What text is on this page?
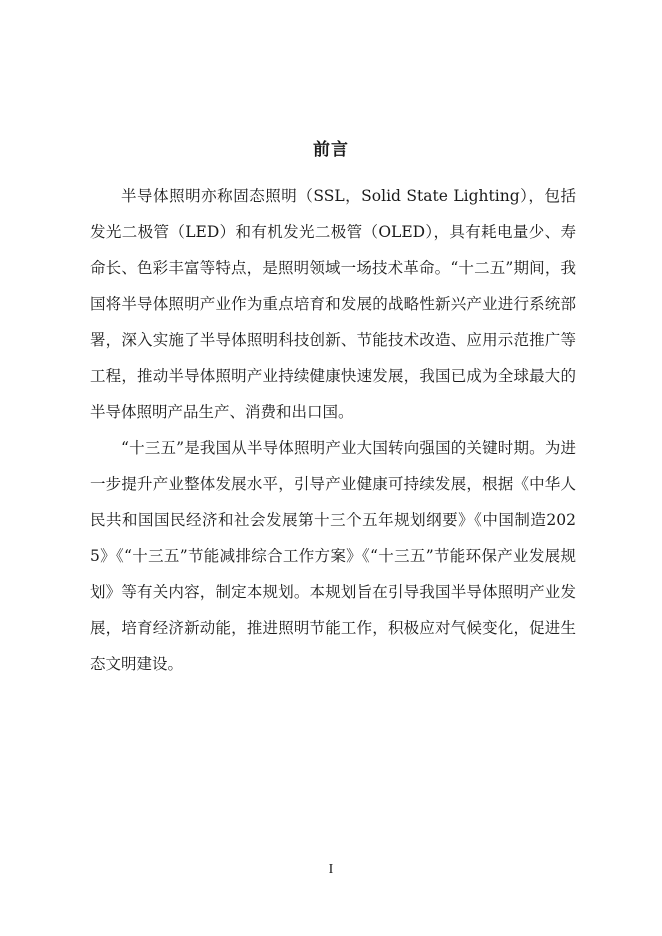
前言

半导体照明亦称固态照明（SSL，Solid State Lighting），包括发光二极管（LED）和有机发光二极管（OLED），具有耗电量少、寿命长、色彩丰富等特点，是照明领域一场技术革命。“十二五”期间，我国将半导体照明产业作为重点培育和发展的战略性新兴产业进行系统部署，深入实施了半导体照明科技创新、节能技术改造、应用示范推广等工程，推动半导体照明产业持续健康快速发展，我国已成为全球最大的半导体照明产品生产、消费和出口国。

“十三五”是我国从半导体照明产业大国转向强国的关键时期。为进一步提升产业整体发展水平，引导产业健康可持续发展，根据《中华人民共和国国民经济和社会发展第十三个五年规划纲要》《中国制造2025》《“十三五”节能减排综合工作方案》《“十三五”节能环保产业发展规划》等有关内容，制定本规划。本规划旨在引导我国半导体照明产业发展，培育经济新动能，推进照明节能工作，积极应对气候变化，促进生态文明建设。

I
